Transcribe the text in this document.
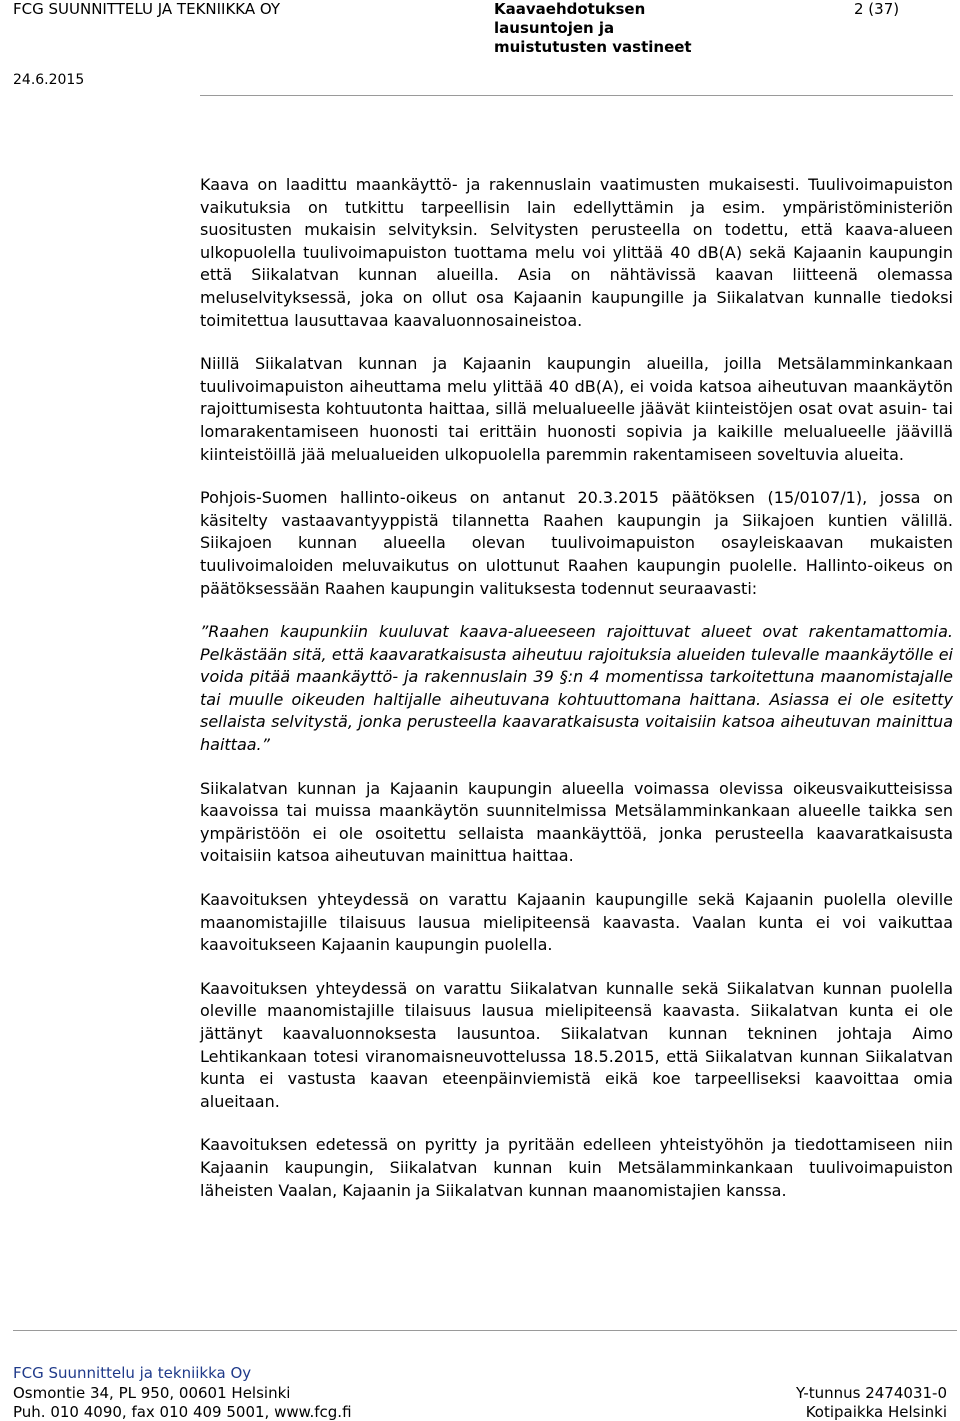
FCG SUUNNITTELU JA TEKNIIKKA OY	Kaavaehdotuksen lausuntojen ja muistutusten vastineet
2 (37)
24.6.2015

Kaava on laadittu maankäyttö- ja rakennuslain vaatimusten mukaisesti. Tuulivoimapuiston vaikutuksia on tutkittu tarpeellisin lain edellyttämin ja esim. ympäristöministeriön suositusten mukaisin selvityksin. Selvitysten perusteella on todettu, että kaava-alueen ulkopuolella tuulivoimapuiston tuottama melu voi ylittää 40 dB(A) sekä Kajaanin kaupungin että Siikalatvan kunnan alueilla. Asia on nähtävissä kaavan liitteenä olemassa meluselvityksessä, joka on ollut osa Kajaanin kaupungille ja Siikalatvan kunnalle tiedoksi toimitettua lausuttavaa kaavaluonnosaineistoa.

Niillä Siikalatvan kunnan ja Kajaanin kaupungin alueilla, joilla Metsälamminkankaan tuulivoimapuiston aiheuttama melu ylittää 40 dB(A), ei voida katsoa aiheutuvan maankäytön rajoittumisesta kohtuutonta haittaa, sillä melualueelle jäävät kiinteistöjen osat ovat asuin- tai lomarakentamiseen huonosti tai erittäin huonosti sopivia ja kaikille melualueelle jäävillä kiinteistöillä jää melualueiden ulkopuolella paremmin rakentamiseen soveltuvia alueita.

Pohjois-Suomen hallinto-oikeus on antanut 20.3.2015 päätöksen (15/0107/1), jossa on käsitelty vastaavantyyppistä tilannetta Raahen kaupungin ja Siikajoen kuntien välillä. Siikajoen kunnan alueella olevan tuulivoimapuiston osayleiskaavan mukaisten tuulivoimaloiden meluvaikutus on ulottunut Raahen kaupungin puolelle. Hallinto-oikeus on päätöksessään Raahen kaupungin valituksesta todennut seuraavasti:

”Raahen kaupunkiin kuuluvat kaava-alueeseen rajoittuvat alueet ovat rakentamattomia. Pelkästään sitä, että kaavaratkaisusta aiheutuu rajoituksia alueiden tulevalle maankäytölle ei voida pitää maankäyttö- ja rakennuslain 39 §:n 4 momentissa tarkoitettuna maanomistajalle tai muulle oikeuden haltijalle aiheutuvana kohtuuttomana haittana. Asiassa ei ole esitetty sellaista selvitystä, jonka perusteella kaavaratkaisusta voitaisiin katsoa aiheutuvan mainittua haittaa.”

Siikalatvan kunnan ja Kajaanin kaupungin alueella voimassa olevissa oikeusvaikutteisissa kaavoissa tai muissa maankäytön suunnitelmissa Metsälamminkankaan alueelle taikka sen ympäristöön ei ole osoitettu sellaista maankäyttöä, jonka perusteella kaavaratkaisusta voitaisiin katsoa aiheutuvan mainittua haittaa.

Kaavoituksen yhteydessä on varattu Kajaanin kaupungille sekä Kajaanin puolella oleville maanomistajille tilaisuus lausua mielipiteensä kaavasta. Vaalan kunta ei voi vaikuttaa kaavoitukseen Kajaanin kaupungin puolella.

Kaavoituksen yhteydessä on varattu Siikalatvan kunnalle sekä Siikalatvan kunnan puolella oleville maanomistajille tilaisuus lausua mielipiteensä kaavasta. Siikalatvan kunta ei ole jättänyt kaavaluonnoksesta lausuntoa. Siikalatvan kunnan tekninen johtaja Aimo Lehtikankaan totesi viranomaisneuvottelussa 18.5.2015, että Siikalatvan kunnan Siikalatvan kunta ei vastusta kaavan eteenpäinviemistä eikä koe tarpeelliseksi kaavoittaa omia alueitaan.

Kaavoituksen edetessä on pyritty ja pyritään edelleen yhteistyöhön ja tiedottamiseen niin Kajaanin kaupungin, Siikalatvan kunnan kuin Metsälamminkankaan tuulivoimapuiston läheisten Vaalan, Kajaanin ja Siikalatvan kunnan maanomistajien kanssa.

FCG Suunnittelu ja tekniikka Oy
Osmontie 34, PL 950, 00601 Helsinki
Puh. 010 4090, fax 010 409 5001, www.fcg.fi
Y-tunnus 2474031-0
Kotipaikka Helsinki
